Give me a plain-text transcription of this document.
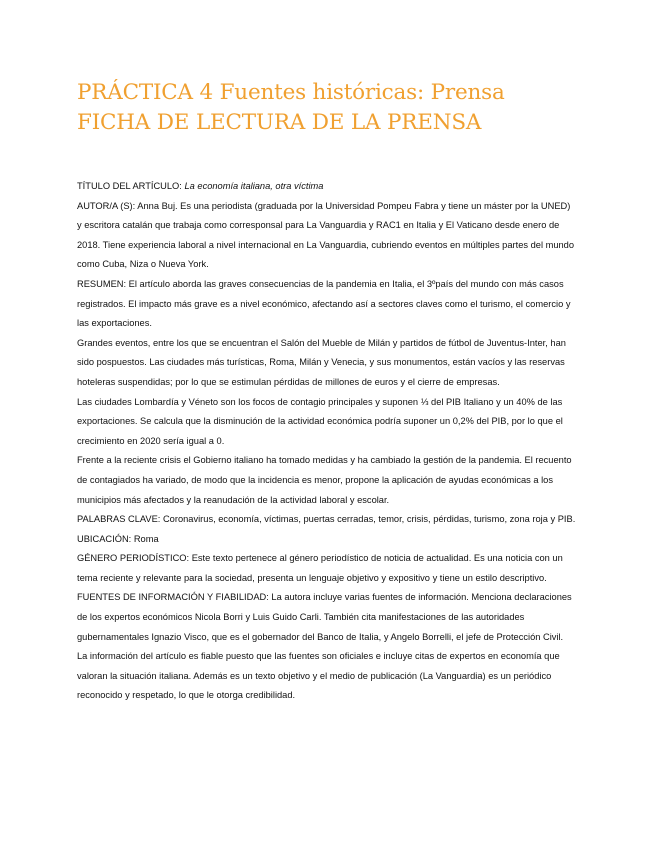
PRÁCTICA 4 Fuentes históricas: Prensa
FICHA DE LECTURA DE LA PRENSA

TÍTULO DEL ARTÍCULO: La economía italiana, otra víctima

AUTOR/A (S): Anna Buj. Es una periodista (graduada por la Universidad Pompeu Fabra y tiene un máster por la UNED) y escritora catalán que trabaja como corresponsal para La Vanguardia y RAC1 en Italia y El Vaticano desde enero de 2018. Tiene experiencia laboral a nivel internacional en La Vanguardia, cubriendo eventos en múltiples partes del mundo como Cuba, Niza o Nueva York.

RESUMEN: El artículo aborda las graves consecuencias de la pandemia en Italia, el 3ºpaís del mundo con más casos registrados. El impacto más grave es a nivel económico, afectando así a sectores claves como el turismo, el comercio y las exportaciones.

Grandes eventos, entre los que se encuentran el Salón del Mueble de Milán y partidos de fútbol de Juventus-Inter, han sido pospuestos. Las ciudades más turísticas, Roma, Milán y Venecia, y sus monumentos, están vacíos y las reservas hoteleras suspendidas; por lo que se estimulan pérdidas de millones de euros y el cierre de empresas.

Las ciudades Lombardía y Véneto son los focos de contagio principales y suponen ⅓ del PIB Italiano y un 40% de las exportaciones. Se calcula que la disminución de la actividad económica podría suponer un 0,2% del PIB, por lo que el crecimiento en 2020 sería igual a 0.

Frente a la reciente crisis el Gobierno italiano ha tomado medidas y ha cambiado la gestión de la pandemia. El recuento de contagiados ha variado, de modo que la incidencia es menor, propone la aplicación de ayudas económicas a los municipios más afectados y la reanudación de la actividad laboral y escolar.

PALABRAS CLAVE: Coronavirus, economía, víctimas, puertas cerradas, temor, crisis, pérdidas, turismo, zona roja y PIB.

UBICACIÓN: Roma

GÉNERO PERIODÍSTICO: Este texto pertenece al género periodístico de noticia de actualidad. Es una noticia con un tema reciente y relevante para la sociedad, presenta un lenguaje objetivo y expositivo y tiene un estilo descriptivo.

FUENTES DE INFORMACIÓN Y FIABILIDAD: La autora incluye varias fuentes de información. Menciona declaraciones de los expertos económicos Nicola Borri y Luis Guido Carli. También cita manifestaciones de las autoridades gubernamentales Ignazio Visco, que es el gobernador del Banco de Italia, y Angelo Borrelli, el jefe de Protección Civil.

La información del artículo es fiable puesto que las fuentes son oficiales e incluye citas de expertos en economía que valoran la situación italiana. Además es un texto objetivo y el medio de publicación (La Vanguardia) es un periódico reconocido y respetado, lo que le otorga credibilidad.
